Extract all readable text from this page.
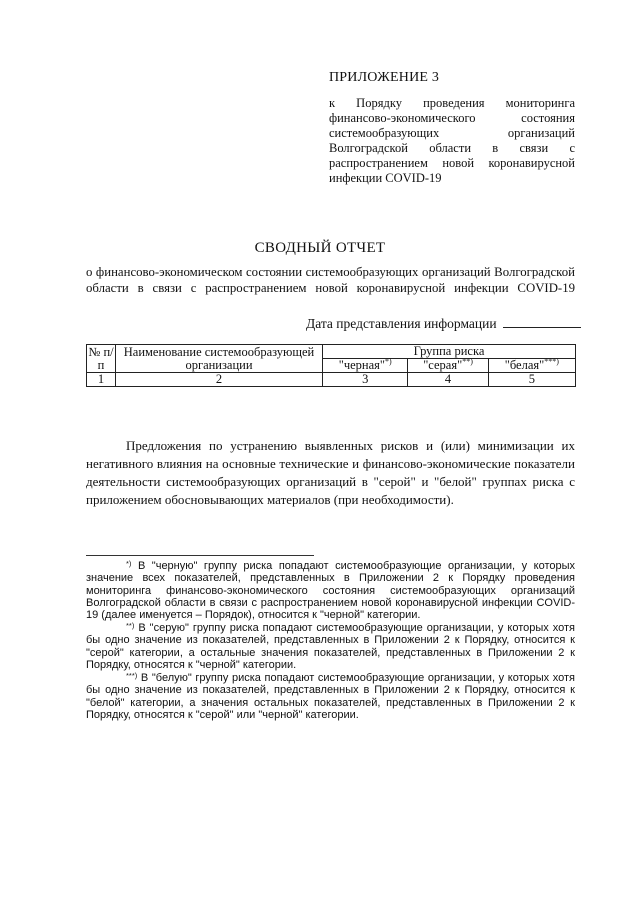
ПРИЛОЖЕНИЕ 3
к Порядку проведения мониторинга финансово-экономического состояния системообразующих организаций Волгоградской области в связи с распространением новой коронавирусной инфекции COVID-19
СВОДНЫЙ ОТЧЕТ
о финансово-экономическом состоянии системообразующих организаций Волгоградской
области в связи с распространением новой коронавирусной инфекции COVID-19
Дата представления информации
№ п/п	Наименование системообразующей организации	Группа риска		
		"черная"*)	"серая"**)	"белая"***)
1	2	3	4	5
Предложения по устранению выявленных рисков и (или) минимизации их негативного влияния на основные технические и финансово-экономические показатели деятельности системообразующих организаций в "серой" и "белой" группах риска с приложением обосновывающих материалов (при необходимости).
*) В "черную" группу риска попадают системообразующие организации, у которых значение всех показателей, представленных в Приложении 2 к Порядку проведения мониторинга финансово-экономического состояния системообразующих организаций Волгоградской области в связи с распространением новой коронавирусной инфекции COVID-19 (далее именуется – Порядок), относится к "черной" категории.
**) В "серую" группу риска попадают системообразующие организации, у которых хотя бы одно значение из показателей, представленных в Приложении 2 к Порядку, относится к "серой" категории, а остальные значения показателей, представленных в Приложении 2 к Порядку, относятся к "черной" категории.
***) В "белую" группу риска попадают системообразующие организации, у которых хотя бы одно значение из показателей, представленных в Приложении 2 к Порядку, относится к "белой" категории, а значения остальных показателей, представленных в Приложении 2 к Порядку, относятся к "серой" или "черной" категории.
